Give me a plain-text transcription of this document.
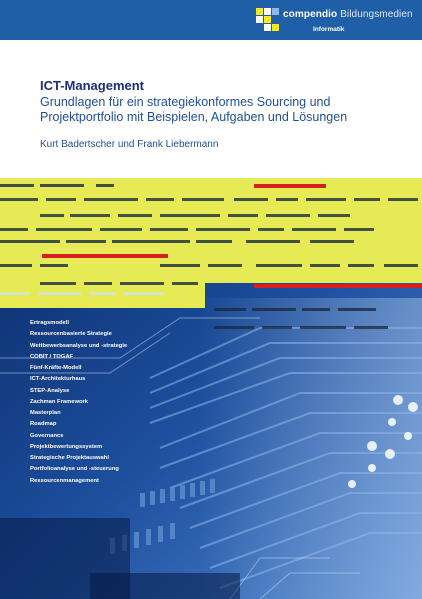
compendio Bildungsmedien
Informatik
ICT-Management
Grundlagen für ein strategiekonformes Sourcing und Projektportfolio mit Beispielen, Aufgaben und Lösungen
Kurt Badertscher und Frank Liebermann
Ertragsmodell
Ressourcenbasierte Strategie
Wettbewerbsanalyse und -strategie
COBIT / TOGAF
Fünf-Kräfte-Modell
ICT-Architekturhaus
STEP-Analyse
Zachman Framework
Masterplan
Roadmap
Governance
Projektbewertungssystem
Strategische Projektauswahl
Portfolioanalyse und -steuerung
Ressourcenmanagement
